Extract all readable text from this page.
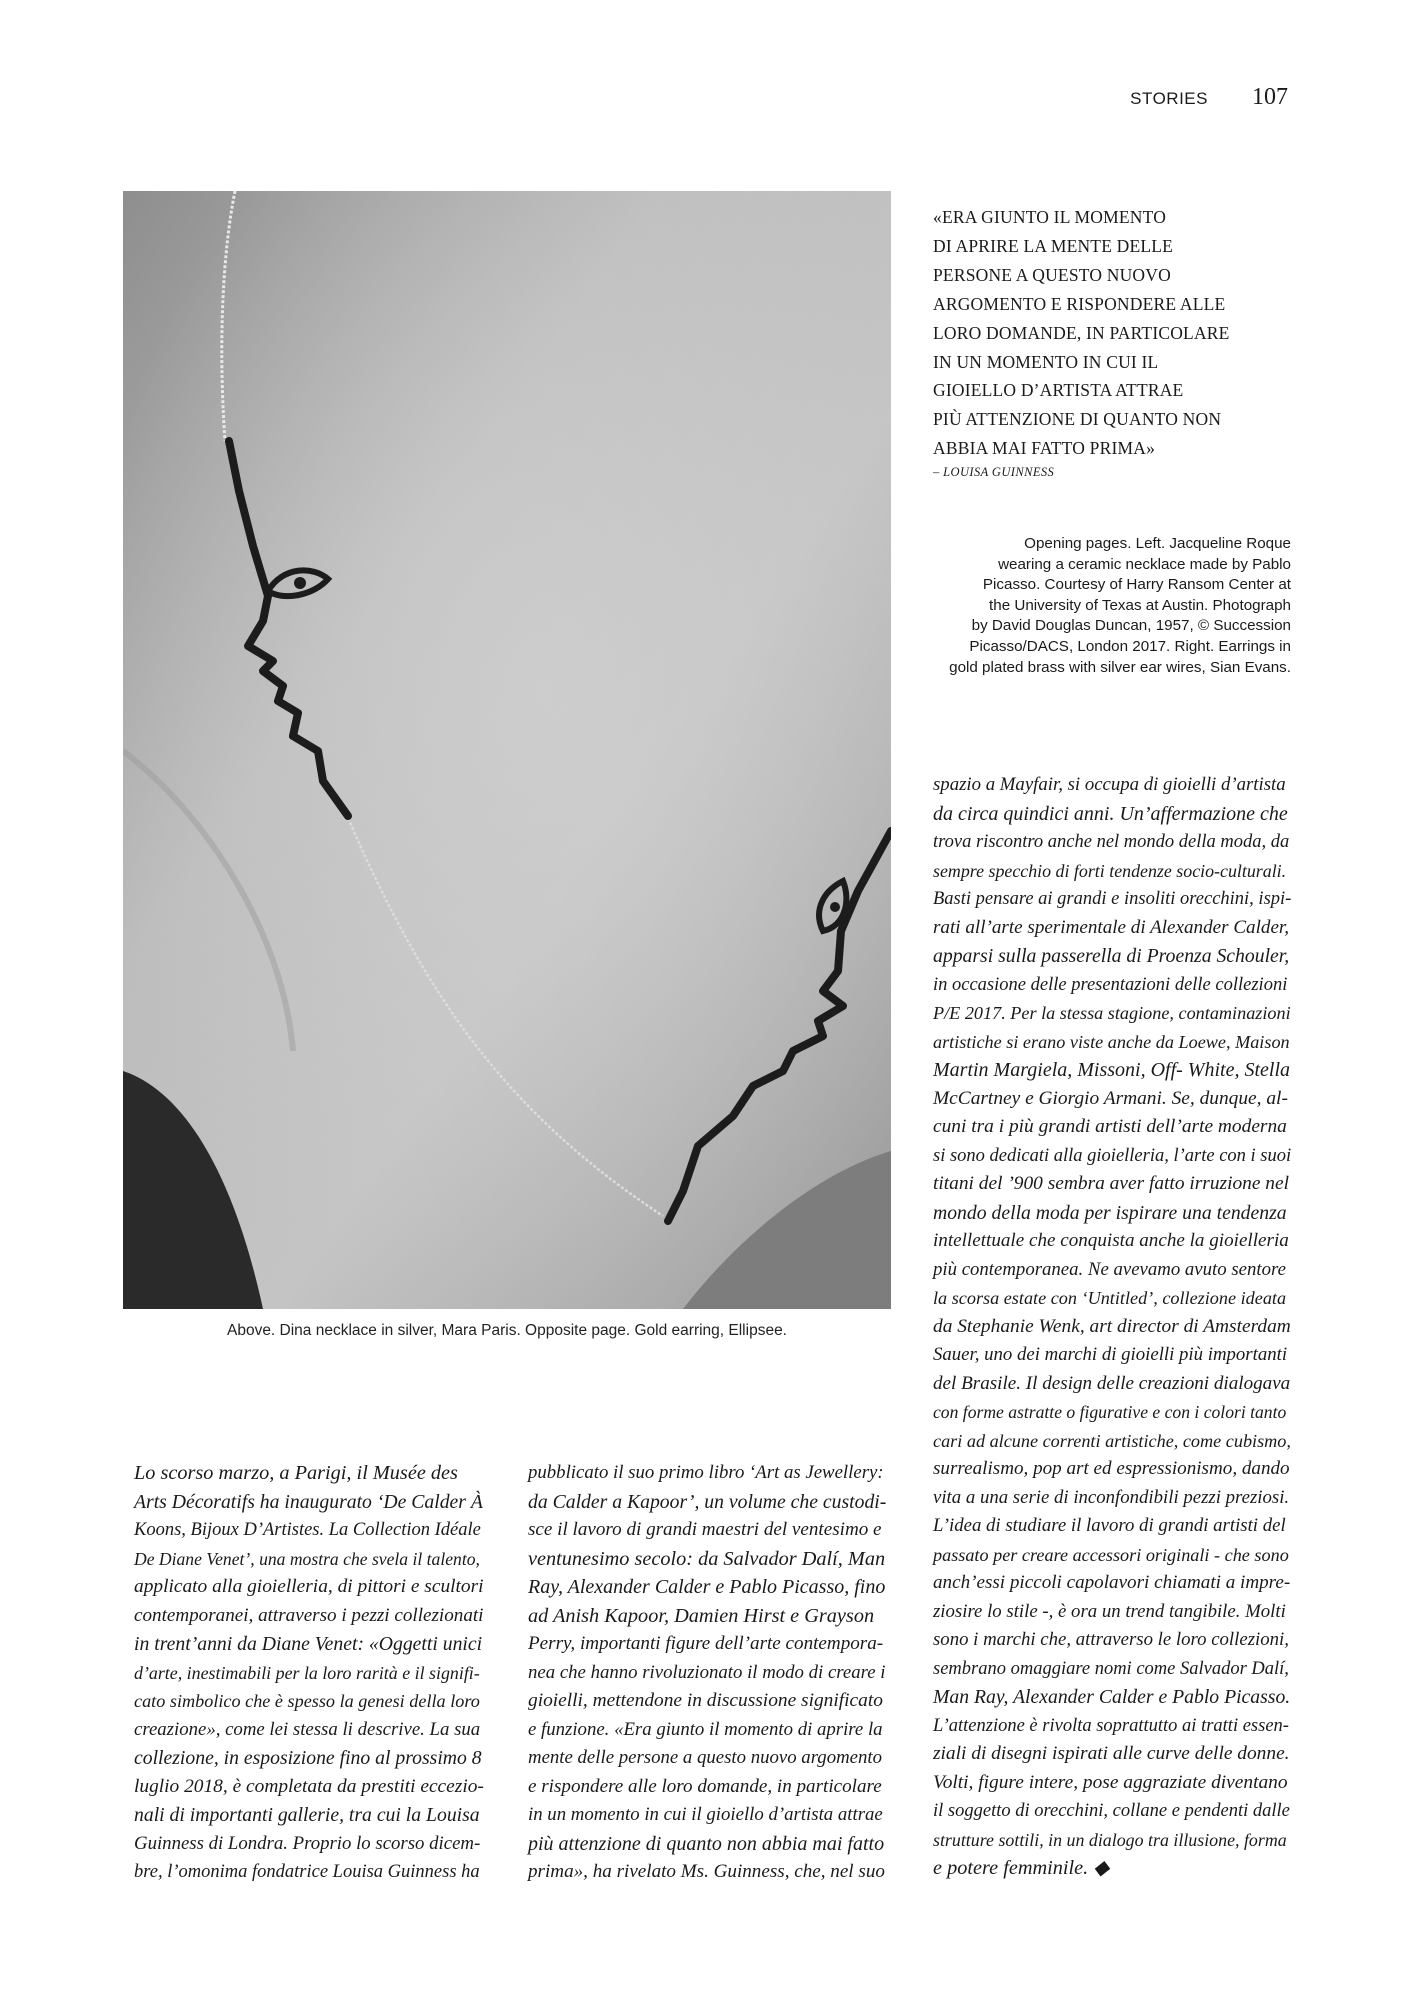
STORIES 107
Above. Dina necklace in silver, Mara Paris. Opposite page. Gold earring, Ellipsee.
«ERA GIUNTO IL MOMENTO
DI APRIRE LA MENTE DELLE
PERSONE A QUESTO NUOVO
ARGOMENTO E RISPONDERE ALLE
LORO DOMANDE, IN PARTICOLARE
IN UN MOMENTO IN CUI IL
GIOIELLO D’ARTISTA ATTRAE
PIÙ ATTENZIONE DI QUANTO NON
ABBIA MAI FATTO PRIMA»
– LOUISA GUINNESS
Opening pages. Left. Jacqueline Roque
wearing a ceramic necklace made by Pablo
Picasso. Courtesy of Harry Ransom Center at
the University of Texas at Austin. Photograph
by David Douglas Duncan, 1957, © Succession
Picasso/DACS, London 2017. Right. Earrings in
gold plated brass with silver ear wires, Sian Evans.
Lo scorso marzo, a Parigi, il Musée des
Arts Décoratifs ha inaugurato ‘De Calder À
Koons, Bijoux D’Artistes. La Collection Idéale
De Diane Venet’, una mostra che svela il talento,
applicato alla gioielleria, di pittori e scultori
contemporanei, attraverso i pezzi collezionati
in trent’anni da Diane Venet: «Oggetti unici
d’arte, inestimabili per la loro rarità e il signifi-
cato simbolico che è spesso la genesi della loro
creazione», come lei stessa li descrive. La sua
collezione, in esposizione fino al prossimo 8
luglio 2018, è completata da prestiti eccezio-
nali di importanti gallerie, tra cui la Louisa
Guinness di Londra. Proprio lo scorso dicem-
bre, l’omonima fondatrice Louisa Guinness ha
pubblicato il suo primo libro ‘Art as Jewellery:
da Calder a Kapoor’, un volume che custodi-
sce il lavoro di grandi maestri del ventesimo e
ventunesimo secolo: da Salvador Dalí, Man
Ray, Alexander Calder e Pablo Picasso, fino
ad Anish Kapoor, Damien Hirst e Grayson
Perry, importanti figure dell’arte contempora-
nea che hanno rivoluzionato il modo di creare i
gioielli, mettendone in discussione significato
e funzione. «Era giunto il momento di aprire la
mente delle persone a questo nuovo argomento
e rispondere alle loro domande, in particolare
in un momento in cui il gioiello d’artista attrae
più attenzione di quanto non abbia mai fatto
prima», ha rivelato Ms. Guinness, che, nel suo
spazio a Mayfair, si occupa di gioielli d’artista
da circa quindici anni. Un’affermazione che
trova riscontro anche nel mondo della moda, da
sempre specchio di forti tendenze socio-culturali.
Basti pensare ai grandi e insoliti orecchini, ispi-
rati all’arte sperimentale di Alexander Calder,
apparsi sulla passerella di Proenza Schouler,
in occasione delle presentazioni delle collezioni
P/E 2017. Per la stessa stagione, contaminazioni
artistiche si erano viste anche da Loewe, Maison
Martin Margiela, Missoni, Off- White, Stella
McCartney e Giorgio Armani. Se, dunque, al-
cuni tra i più grandi artisti dell’arte moderna
si sono dedicati alla gioielleria, l’arte con i suoi
titani del ’900 sembra aver fatto irruzione nel
mondo della moda per ispirare una tendenza
intellettuale che conquista anche la gioielleria
più contemporanea. Ne avevamo avuto sentore
la scorsa estate con ‘Untitled’, collezione ideata
da Stephanie Wenk, art director di Amsterdam
Sauer, uno dei marchi di gioielli più importanti
del Brasile. Il design delle creazioni dialogava
con forme astratte o figurative e con i colori tanto
cari ad alcune correnti artistiche, come cubismo,
surrealismo, pop art ed espressionismo, dando
vita a una serie di inconfondibili pezzi preziosi.
L’idea di studiare il lavoro di grandi artisti del
passato per creare accessori originali - che sono
anch’essi piccoli capolavori chiamati a impre-
ziosire lo stile -, è ora un trend tangibile. Molti
sono i marchi che, attraverso le loro collezioni,
sembrano omaggiare nomi come Salvador Dalí,
Man Ray, Alexander Calder e Pablo Picasso.
L’attenzione è rivolta soprattutto ai tratti essen-
ziali di disegni ispirati alle curve delle donne.
Volti, figure intere, pose aggraziate diventano
il soggetto di orecchini, collane e pendenti dalle
strutture sottili, in un dialogo tra illusione, forma
e potere femminile. ◆
